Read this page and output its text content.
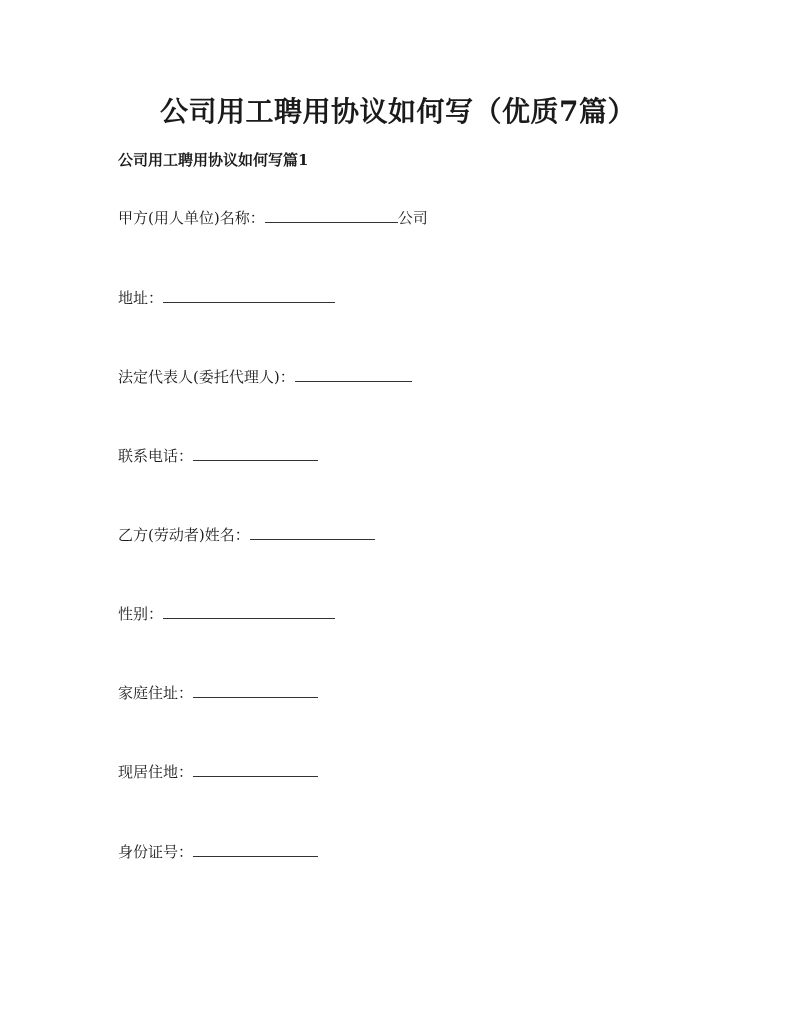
公司用工聘用协议如何写（优质7篇）
公司用工聘用协议如何写篇1
甲方(用人单位)名称：	公司
地址：
法定代表人(委托代理人)：
联系电话：
乙方(劳动者)姓名：
性别：
家庭住址：
现居住地：
身份证号：
